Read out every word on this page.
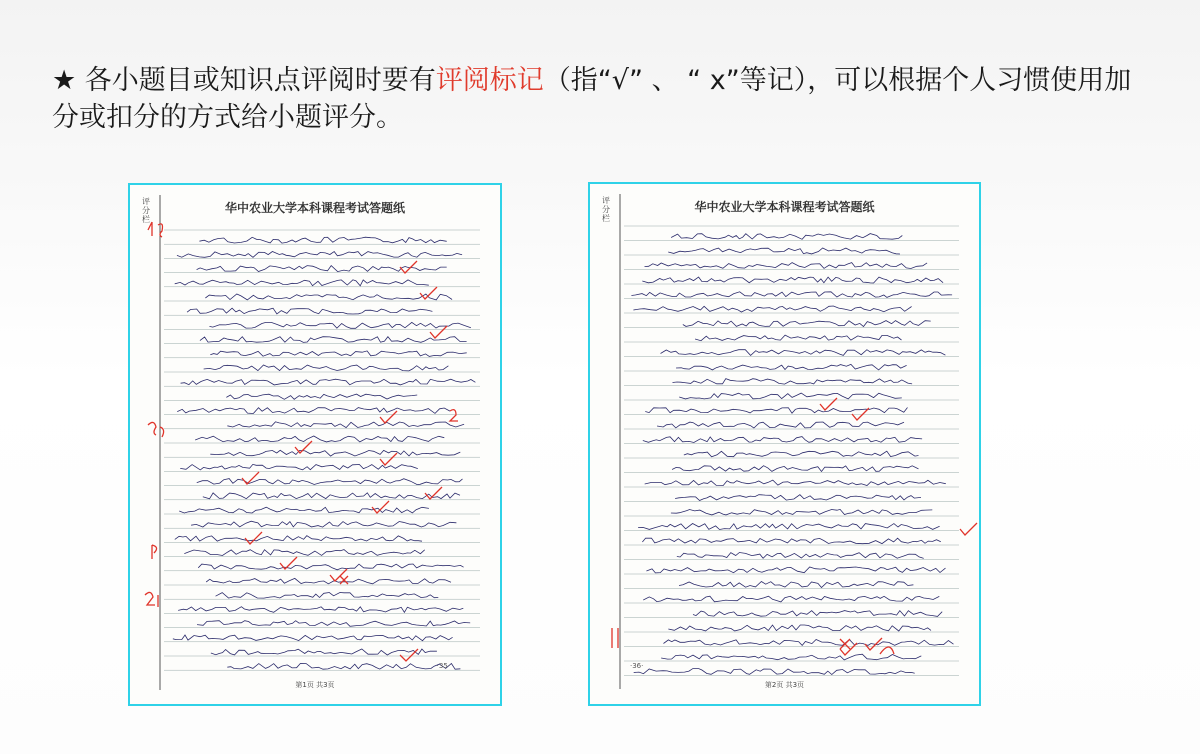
★ 各小题目或知识点评阅时要有评阅标记（指“√” 、 “ x”等记），可以根据个人习惯使用加分或扣分的方式给小题评分。

评分栏
华中农业大学本科课程考试答题纸
·35·
第1页 共3页
评分栏
华中农业大学本科课程考试答题纸
·36·
第2页 共3页
